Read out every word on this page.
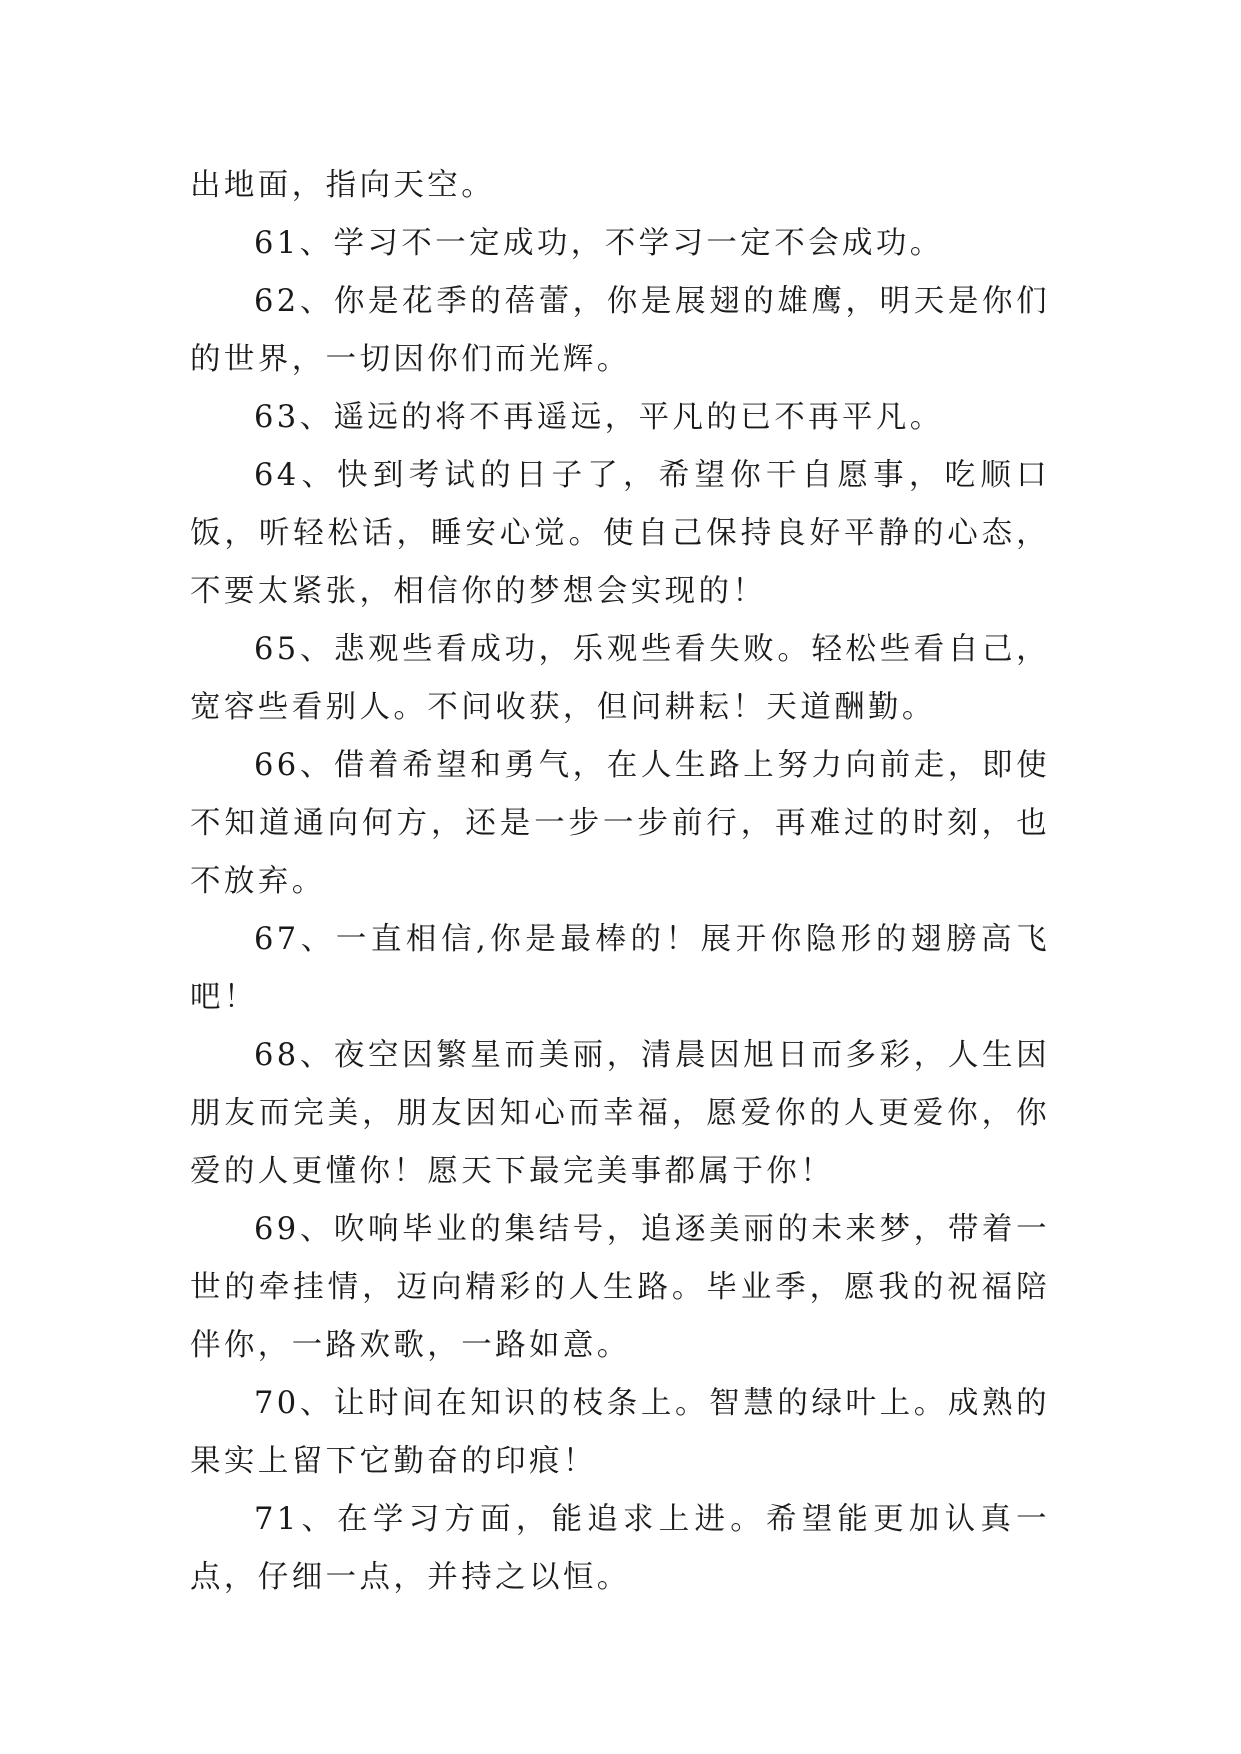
出地面，指向天空。

61、学习不一定成功，不学习一定不会成功。

62、你是花季的蓓蕾，你是展翅的雄鹰，明天是你们的世界，一切因你们而光辉。

63、遥远的将不再遥远，平凡的已不再平凡。

64、快到考试的日子了，希望你干自愿事，吃顺口饭，听轻松话，睡安心觉。使自己保持良好平静的心态，不要太紧张，相信你的梦想会实现的！

65、悲观些看成功，乐观些看失败。轻松些看自己，宽容些看别人。不问收获，但问耕耘！天道酬勤。

66、借着希望和勇气，在人生路上努力向前走，即使不知道通向何方，还是一步一步前行，再难过的时刻，也不放弃。

67、一直相信,你是最棒的！展开你隐形的翅膀高飞吧！

68、夜空因繁星而美丽，清晨因旭日而多彩，人生因朋友而完美，朋友因知心而幸福，愿爱你的人更爱你，你爱的人更懂你！愿天下最完美事都属于你！

69、吹响毕业的集结号，追逐美丽的未来梦，带着一世的牵挂情，迈向精彩的人生路。毕业季，愿我的祝福陪伴你，一路欢歌，一路如意。

70、让时间在知识的枝条上。智慧的绿叶上。成熟的果实上留下它勤奋的印痕！

71、在学习方面，能追求上进。希望能更加认真一点，仔细一点，并持之以恒。
